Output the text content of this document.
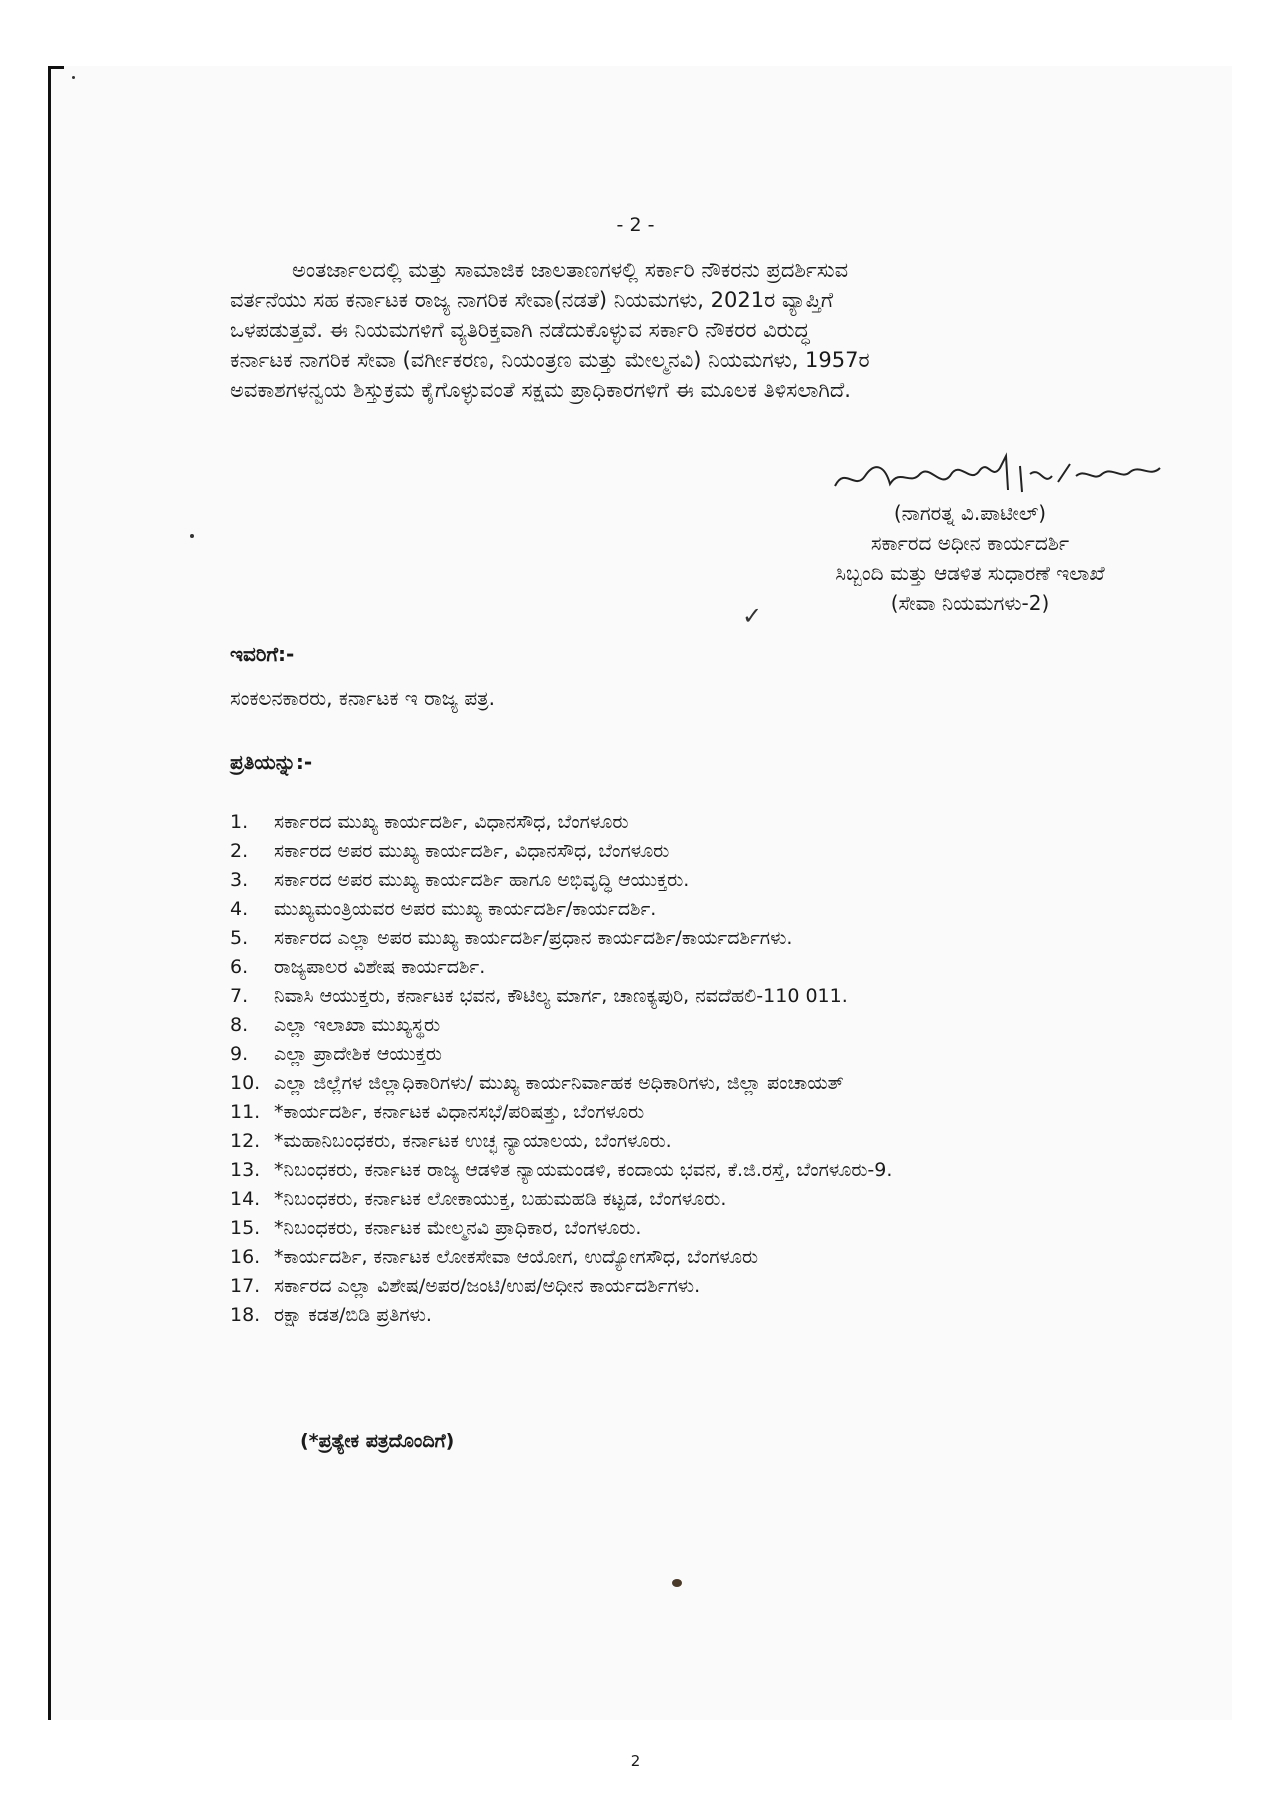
- 2 -
ಅಂತರ್ಜಾಲದಲ್ಲಿ ಮತ್ತು ಸಾಮಾಜಿಕ ಜಾಲತಾಣಗಳಲ್ಲಿ ಸರ್ಕಾರಿ ನೌಕರನು ಪ್ರದರ್ಶಿಸುವ
ವರ್ತನೆಯು ಸಹ ಕರ್ನಾಟಕ ರಾಜ್ಯ ನಾಗರಿಕ ಸೇವಾ(ನಡತೆ) ನಿಯಮಗಳು, 2021ರ ವ್ಯಾಪ್ತಿಗೆ
ಒಳಪಡುತ್ತವೆ. ಈ ನಿಯಮಗಳಿಗೆ ವ್ಯತಿರಿಕ್ತವಾಗಿ ನಡೆದುಕೊಳ್ಳುವ ಸರ್ಕಾರಿ ನೌಕರರ ವಿರುದ್ಧ
ಕರ್ನಾಟಕ ನಾಗರಿಕ ಸೇವಾ (ವರ್ಗೀಕರಣ, ನಿಯಂತ್ರಣ ಮತ್ತು ಮೇಲ್ಮನವಿ) ನಿಯಮಗಳು, 1957ರ
ಅವಕಾಶಗಳನ್ವಯ ಶಿಸ್ತುಕ್ರಮ ಕೈಗೊಳ್ಳುವಂತೆ ಸಕ್ಷಮ ಪ್ರಾಧಿಕಾರಗಳಿಗೆ ಈ ಮೂಲಕ ತಿಳಿಸಲಾಗಿದೆ.
(ನಾಗರತ್ನ ವಿ.ಪಾಟೀಲ್)
ಸರ್ಕಾರದ ಅಧೀನ ಕಾರ್ಯದರ್ಶಿ
ಸಿಬ್ಬಂದಿ ಮತ್ತು ಆಡಳಿತ ಸುಧಾರಣೆ ಇಲಾಖೆ
(ಸೇವಾ ನಿಯಮಗಳು-2)
✓
ಇವರಿಗೆ:-
ಸಂಕಲನಕಾರರು, ಕರ್ನಾಟಕ ಇ ರಾಜ್ಯ ಪತ್ರ.
ಪ್ರತಿಯನ್ನು:-
1.	ಸರ್ಕಾರದ ಮುಖ್ಯ ಕಾರ್ಯದರ್ಶಿ, ವಿಧಾನಸೌಧ, ಬೆಂಗಳೂರು
2.	ಸರ್ಕಾರದ ಅಪರ ಮುಖ್ಯ ಕಾರ್ಯದರ್ಶಿ, ವಿಧಾನಸೌಧ, ಬೆಂಗಳೂರು
3.	ಸರ್ಕಾರದ ಅಪರ ಮುಖ್ಯ ಕಾರ್ಯದರ್ಶಿ ಹಾಗೂ ಅಭಿವೃದ್ಧಿ ಆಯುಕ್ತರು.
4.	ಮುಖ್ಯಮಂತ್ರಿಯವರ ಅಪರ ಮುಖ್ಯ ಕಾರ್ಯದರ್ಶಿ/ಕಾರ್ಯದರ್ಶಿ.
5.	ಸರ್ಕಾರದ ಎಲ್ಲಾ ಅಪರ ಮುಖ್ಯ ಕಾರ್ಯದರ್ಶಿ/ಪ್ರಧಾನ ಕಾರ್ಯದರ್ಶಿ/ಕಾರ್ಯದರ್ಶಿಗಳು.
6.	ರಾಜ್ಯಪಾಲರ ವಿಶೇಷ ಕಾರ್ಯದರ್ಶಿ.
7.	ನಿವಾಸಿ ಆಯುಕ್ತರು, ಕರ್ನಾಟಕ ಭವನ, ಕೌಟಿಲ್ಯ ಮಾರ್ಗ, ಚಾಣಕ್ಯಪುರಿ, ನವದೆಹಲಿ-110 011.
8.	ಎಲ್ಲಾ ಇಲಾಖಾ ಮುಖ್ಯಸ್ಥರು
9.	ಎಲ್ಲಾ ಪ್ರಾದೇಶಿಕ ಆಯುಕ್ತರು
10. ಎಲ್ಲಾ ಜಿಲ್ಲೆಗಳ ಜಿಲ್ಲಾಧಿಕಾರಿಗಳು/ ಮುಖ್ಯ ಕಾರ್ಯನಿರ್ವಾಹಕ ಅಧಿಕಾರಿಗಳು, ಜಿಲ್ಲಾ ಪಂಚಾಯತ್
11. *ಕಾರ್ಯದರ್ಶಿ, ಕರ್ನಾಟಕ ವಿಧಾನಸಭೆ/ಪರಿಷತ್ತು, ಬೆಂಗಳೂರು
12. *ಮಹಾನಿಬಂಧಕರು, ಕರ್ನಾಟಕ ಉಚ್ಛ ನ್ಯಾಯಾಲಯ, ಬೆಂಗಳೂರು.
13. *ನಿಬಂಧಕರು, ಕರ್ನಾಟಕ ರಾಜ್ಯ ಆಡಳಿತ ನ್ಯಾಯಮಂಡಳಿ, ಕಂದಾಯ ಭವನ, ಕೆ.ಜಿ.ರಸ್ತೆ, ಬೆಂಗಳೂರು-9.
14. *ನಿಬಂಧಕರು, ಕರ್ನಾಟಕ ಲೋಕಾಯುಕ್ತ, ಬಹುಮಹಡಿ ಕಟ್ಟಡ, ಬೆಂಗಳೂರು.
15. *ನಿಬಂಧಕರು, ಕರ್ನಾಟಕ ಮೇಲ್ಮನವಿ ಪ್ರಾಧಿಕಾರ, ಬೆಂಗಳೂರು.
16. *ಕಾರ್ಯದರ್ಶಿ, ಕರ್ನಾಟಕ ಲೋಕಸೇವಾ ಆಯೋಗ, ಉದ್ಯೋಗಸೌಧ, ಬೆಂಗಳೂರು
17. ಸರ್ಕಾರದ ಎಲ್ಲಾ ವಿಶೇಷ/ಅಪರ/ಜಂಟಿ/ಉಪ/ಅಧೀನ ಕಾರ್ಯದರ್ಶಿಗಳು.
18. ರಕ್ಷಾ ಕಡತ/ಬಿಡಿ ಪ್ರತಿಗಳು.
(*ಪ್ರತ್ಯೇಕ ಪತ್ರದೊಂದಿಗೆ)
2
